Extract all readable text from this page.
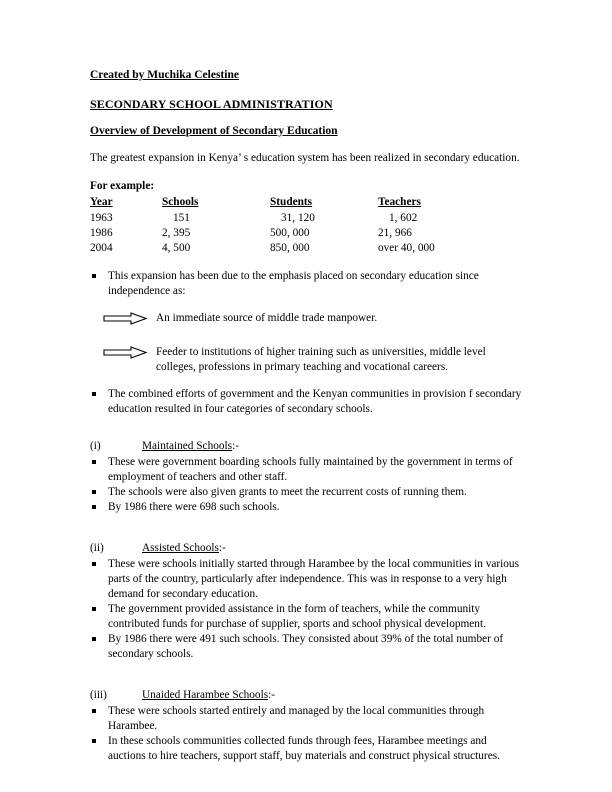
Created by Muchika Celestine

SECONDARY SCHOOL ADMINISTRATION

Overview of Development of Secondary Education

The greatest expansion in Kenya’ s education system has been realized in secondary education.

For example:

Year	Schools	Students	Teachers
1963	151	31, 120	1, 602
1986	2, 395	500, 000	21, 966
2004	4, 500	850, 000	over 40, 000
This expansion has been due to the emphasis placed on secondary education since independence as:
An immediate source of middle trade manpower.
Feeder to institutions of higher training such as universities, middle level colleges, professions in primary teaching and vocational careers.
The combined efforts of government and the Kenyan communities in provision f secondary education resulted in four categories of secondary schools.

(i)	Maintained Schools:-

These were government boarding schools fully maintained by the government in terms of employment of teachers and other staff.
The schools were also given grants to meet the recurrent costs of running them.
By 1986 there were 698 such schools.

(ii)	Assisted Schools:-

These were schools initially started through Harambee by the local communities in various parts of the country, particularly after independence. This was in response to a very high demand for secondary education.
The government provided assistance in the form of teachers, while the community contributed funds for purchase of supplier, sports and school physical development.
By 1986 there were 491 such schools. They consisted about 39% of the total number of secondary schools.

(iii)	Unaided Harambee Schools:-

These were schools started entirely and managed by the local communities through Harambee.
In these schools communities collected funds through fees, Harambee meetings and auctions to hire teachers, support staff, buy materials and construct physical structures.
